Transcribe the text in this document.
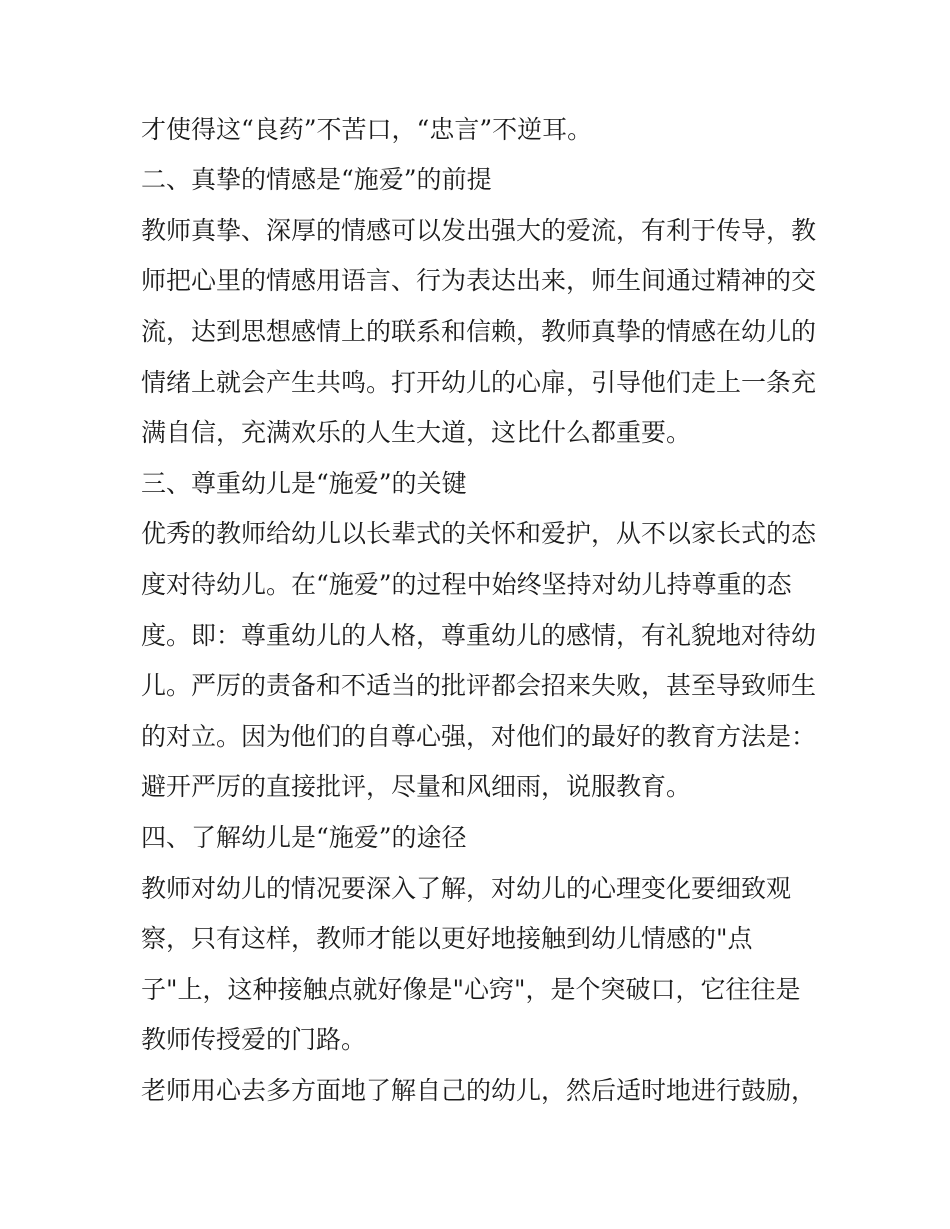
才使得这“良药”不苦口，“忠言”不逆耳。
二、真挚的情感是“施爱”的前提
教师真挚、深厚的情感可以发出强大的爱流，有利于传导，教
师把心里的情感用语言、行为表达出来，师生间通过精神的交
流，达到思想感情上的联系和信赖，教师真挚的情感在幼儿的
情绪上就会产生共鸣。打开幼儿的心扉，引导他们走上一条充
满自信，充满欢乐的人生大道，这比什么都重要。
三、尊重幼儿是“施爱”的关键
优秀的教师给幼儿以长辈式的关怀和爱护，从不以家长式的态
度对待幼儿。在“施爱”的过程中始终坚持对幼儿持尊重的态
度。即：尊重幼儿的人格，尊重幼儿的感情，有礼貌地对待幼
儿。严厉的责备和不适当的批评都会招来失败，甚至导致师生
的对立。因为他们的自尊心强，对他们的最好的教育方法是：
避开严厉的直接批评，尽量和风细雨，说服教育。
四、了解幼儿是“施爱”的途径
教师对幼儿的情况要深入了解，对幼儿的心理变化要细致观
察，只有这样，教师才能以更好地接触到幼儿情感的"点
子"上，这种接触点就好像是"心窍"，是个突破口，它往往是
教师传授爱的门路。
老师用心去多方面地了解自己的幼儿，然后适时地进行鼓励，
